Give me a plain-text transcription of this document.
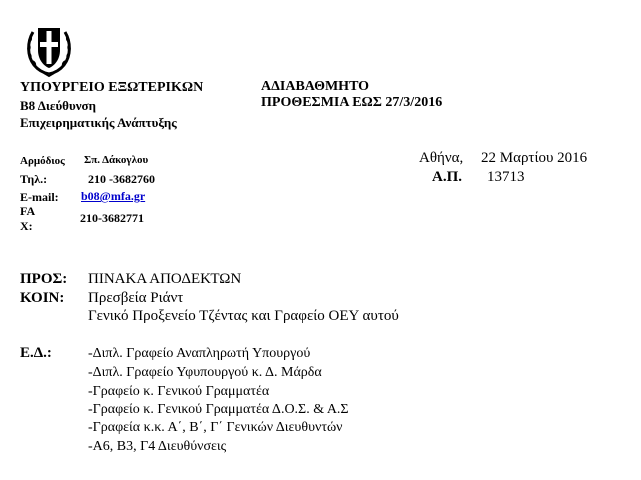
ΥΠΟΥΡΓΕΙΟ ΕΞΩΤΕΡΙΚΩΝ
Β8 Διεύθυνση
Επιχειρηματικής Ανάπτυξης
ΑΔΙΑΒΑΘΜΗΤΟ
ΠΡΟΘΕΣΜΙΑ ΕΩΣ 27/3/2016
Αρμόδιος Σπ. Δάκογλου
Τηλ.:	210 -3682760
E-mail: b08@mfa.gr
FA
X:
210-3682771
Αθήνα, 22 Μαρτίου 2016
Α.Π. 13713
ΠΡΟΣ: ΠΙΝΑΚΑ ΑΠΟΔΕΚΤΩΝ
ΚΟΙΝ: Πρεσβεία Ριάντ
Γενικό Προξενείο Τζέντας και Γραφείο ΟΕΥ αυτού
Ε.Δ.:	-Διπλ. Γραφείο Αναπληρωτή Υπουργού
-Διπλ. Γραφείο Υφυπουργού κ. Δ. Μάρδα
-Γραφείο κ. Γενικού Γραμματέα
-Γραφείο κ. Γενικού Γραμματέα Δ.Ο.Σ. & Α.Σ
-Γραφεία κ.κ. Α΄, Β΄, Γ΄ Γενικών Διευθυντών
-Α6, Β3, Γ4 Διευθύνσεις
